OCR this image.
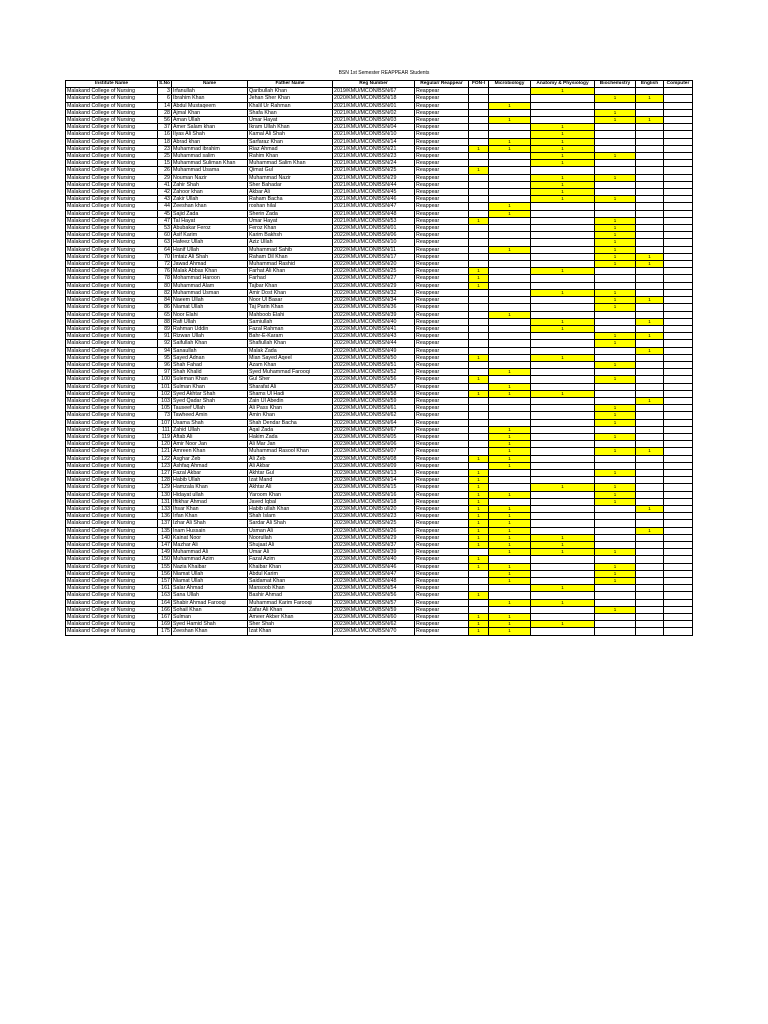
BSN 1st Semester REAPPEAR Students
Institute Name	S.No	Name	Father Name	Reg Number	Regular/ Reappear	FON-I	Microbiology	Anatomy & Physiology	Biochemistry	English	Computer
Malakand College of Nursing	3	Irfanullah	Qaribullah Khan	2019/KMU/MCON/BSN/67	Reappear			1			
Malakand College of Nursing	6	Ibrahim Khan	Jehan Sher Khan	2020/KMU/MCON/BSN/18	Reappear				1	1	
Malakand College of Nursing	14	Abdul Mustaqeem	Khalil Ur Rahman	2021/KMU/MCON/BSN/01	Reappear		1				
Malakand College of Nursing	28	Ajmal Khan	Shafa Khan	2021/KMU/MCON/BSN/02	Reappear				1		
Malakand College of Nursing	56	Aman Ullah	Umar Hayat	2021/KMU/MCON/BSN/03	Reappear		1		1	1	
Malakand College of Nursing	37	Amer Salam khan	Ikram Ullah Khan	2021/KMU/MCON/BSN/04	Reappear			1			
Malakand College of Nursing	16	Ilyas Ali Shah	Kamal Ali Shah	2021/KMU/MCON/BSN/10	Reappear			1			
Malakand College of Nursing	18	Abrad khan	Sarfaraz Khan	2021/KMU/MCON/BSN/14	Reappear		1	1			
Malakand College of Nursing	23	Muhammad ibrahim	Riaz Ahmad	2021/KMU/MCON/BSN/21	Reappear	1	1	1			
Malakand College of Nursing	25	Muhammad salim	Rahim Khan	2021/KMU/MCON/BSN/23	Reappear			1	1		
Malakand College of Nursing	15	Muhammad Suliman Khan	Muhammad Salim Khan	2021/KMU/MCON/BSN/24	Reappear			1			
Malakand College of Nursing	26	Muhammad Usama	Qimat Gul	2021/KMU/MCON/BSN/25	Reappear	1					
Malakand College of Nursing	29	Nouman Nazir	Muhammad Nazir	2021/KMU/MCON/BSN/29	Reappear			1	1		
Malakand College of Nursing	41	Zahir Shah	Sher Bahadar	2021/KMU/MCON/BSN/44	Reappear			1			
Malakand College of Nursing	42	Zahoor khan	Akbar Ali	2021/KMU/MCON/BSN/45	Reappear			1			
Malakand College of Nursing	43	Zakir Ullah	Raham Bacha	2021/KMU/MCON/BSN/46	Reappear			1	1		
Malakand College of Nursing	44	Zeeshan khan	roshan hilal	2021/KMU/MCON/BSN/47	Reappear		1				
Malakand College of Nursing	45	Sajid Zada	Sherin Zada	2021/KMU/MCON/BSN/48	Reappear		1				
Malakand College of Nursing	47	Tal Hayat	Umar Hayat	2021/KMU/MCON/BSN/53	Reappear	1			1		
Malakand College of Nursing	53	Abubakar Feroz	Feroz Khan	2022/KMU/MCON/BSN/01	Reappear				1		
Malakand College of Nursing	60	Asif Karim	Karim Bakhsh	2022/KMU/MCON/BSN/06	Reappear				1		
Malakand College of Nursing	63	Hafeez Ullah	Aziz Ullah	2022/KMU/MCON/BSN/10	Reappear				1		
Malakand College of Nursing	64	Hanif Ullah	Muhammad Sahib	2022/KMU/MCON/BSN/11	Reappear		1		1		
Malakand College of Nursing	70	Imtaiz Ali Shah	Raham Dil Khan	2022/KMU/MCON/BSN/17	Reappear				1	1	
Malakand College of Nursing	72	Jawad Ahmad	Muhammad Rashid	2022/KMU/MCON/BSN/20	Reappear				1	1	
Malakand College of Nursing	76	Malak Abbas Khan	Farhat Ali Khan	2022/KMU/MCON/BSN/25	Reappear	1		1			
Malakand College of Nursing	78	Mohammad Haroon	Farhad	2022/KMU/MCON/BSN/27	Reappear	1					
Malakand College of Nursing	80	Muhammad Alam	Tajbar Khan	2022/KMU/MCON/BSN/29	Reappear	1					
Malakand College of Nursing	82	Muhammad Usman	Amir Dost Khan	2022/KMU/MCON/BSN/32	Reappear			1	1		
Malakand College of Nursing	84	Naeem Ullah	Noor Ul Basar	2022/KMU/MCON/BSN/34	Reappear				1	1	
Malakand College of Nursing	86	Niamat Ullah	Taj Parin Khan	2022/KMU/MCON/BSN/36	Reappear				1		
Malakand College of Nursing	65	Noor Elahi	Mahboob Elahi	2022/KMU/MCON/BSN/39	Reappear		1				
Malakand College of Nursing	88	Rafi Ullah	Samiullah	2022/KMU/MCON/BSN/40	Reappear			1		1	
Malakand College of Nursing	89	Rahman Uddin	Fazal Rahman	2022/KMU/MCON/BSN/41	Reappear			1			
Malakand College of Nursing	91	Rizwan Ullah	Bahr-E-Karam	2022/KMU/MCON/BSN/43	Reappear				1	1	
Malakand College of Nursing	92	Saifullah Khan	Shafiullah Khan	2022/KMU/MCON/BSN/44	Reappear				1		
Malakand College of Nursing	94	Sanaullah	Malak Zada	2022/KMU/MCON/BSN/49	Reappear					1	
Malakand College of Nursing	95	Sayed Adnan	Mian Sayed Aqeel	2022/KMU/MCON/BSN/50	Reappear	1		1			
Malakand College of Nursing	96	Shah Fahad	Azam Khan	2022/KMU/MCON/BSN/51	Reappear				1		
Malakand College of Nursing	97	Shah Khalid	Syed Muhammad Farooqi	2022/KMU/MCON/BSN/52	Reappear		1				
Malakand College of Nursing	100	Suleman Khan	Gul Sher	2022/KMU/MCON/BSN/56	Reappear	1			1		
Malakand College of Nursing	101	Sulman Khan	Sharafat Ali	2022/KMU/MCON/BSN/57	Reappear		1				
Malakand College of Nursing	102	Syed Akhtar Shah	Shams Ul Hadi	2022/KMU/MCON/BSN/58	Reappear	1	1	1			
Malakand College of Nursing	103	Syed Qadar Shah	Zain Ul Abedin	2022/KMU/MCON/BSN/59	Reappear					1	
Malakand College of Nursing	105	Tauseef Ullah	Ali Pass Khan	2022/KMU/MCON/BSN/61	Reappear				1		
Malakand College of Nursing	73	Tawheed Amin	Amin Khan	2022/KMU/MCON/BSN/62	Reappear				1		
Malakand College of Nursing	107	Usama Shah	Shah Dendar Bacha	2022/KMU/MCON/BSN/64	Reappear				1		
Malakand College of Nursing	111	Zahid Ullah	Aqal Zada	2022/KMU/MCON/BSN/67	Reappear		1				
Malakand College of Nursing	119	Aftab Ali	Hakim Zada	2023/KMU/MCON/BSN/05	Reappear		1		1		
Malakand College of Nursing	120	Amir Noor Jan	Ali Mar Jan	2023/KMU/MCON/BSN/06	Reappear		1				
Malakand College of Nursing	121	Amreen Khan	Muhammad Rasool Khan	2023/KMU/MCON/BSN/07	Reappear		1		1	1	
Malakand College of Nursing	122	Asghar Zeb	Ali Zeb	2023/KMU/MCON/BSN/08	Reappear	1	1				
Malakand College of Nursing	123	Ashfaq Ahmad	Ali Akbar	2023/KMU/MCON/BSN/09	Reappear		1				
Malakand College of Nursing	127	Fazal Akbar	Akhtar Gul	2023/KMU/MCON/BSN/13	Reappear	1			1		
Malakand College of Nursing	128	Habib Ullah	Izat Mand	2023/KMU/MCON/BSN/14	Reappear	1					
Malakand College of Nursing	129	Hamzala Khan	Akhtar Ali	2023/KMU/MCON/BSN/15	Reappear	1		1	1		
Malakand College of Nursing	130	Hidayat ullah	Yaroom Khan	2023/KMU/MCON/BSN/16	Reappear	1	1		1		
Malakand College of Nursing	131	Iftikhar Ahmad	Javed Iqbal	2023/KMU/MCON/BSN/18	Reappear	1			1		
Malakand College of Nursing	133	Ihsar Khan	Habib ullah Khan	2023/KMU/MCON/BSN/20	Reappear	1	1			1	
Malakand College of Nursing	136	Irfan Khan	Shah Islam	2023/KMU/MCON/BSN/23	Reappear	1	1				
Malakand College of Nursing	137	Izhar Ali Shah	Sardar Ali Shah	2023/KMU/MCON/BSN/25	Reappear	1	1				
Malakand College of Nursing	135	Inam Hussain	Usman Ali	2023/KMU/MCON/BSN/26	Reappear	1	1			1	
Malakand College of Nursing	140	Kainat Noor	Noorullah	2023/KMU/MCON/BSN/29	Reappear	1	1	1			
Malakand College of Nursing	147	Mazhar Ali	Shujaat Ali	2023/KMU/MCON/BSN/37	Reappear	1	1	1			
Malakand College of Nursing	149	Muhammad Ali	Umar Ali	2023/KMU/MCON/BSN/39	Reappear		1	1	1		
Malakand College of Nursing	150	Muhammad Azim	Fazal Azim	2023/KMU/MCON/BSN/40	Reappear	1					
Malakand College of Nursing	155	Nazia Khaibar	Khaibar Khan	2023/KMU/MCON/BSN/46	Reappear	1	1		1		
Malakand College of Nursing	156	Niamat Ullah	Abdul Karim	2023/KMU/MCON/BSN/47	Reappear		1		1		
Malakand College of Nursing	157	Niamat Ullah	Saidamat Khan	2023/KMU/MCON/BSN/48	Reappear		1		1		
Malakand College of Nursing	161	Salar Ahmad	Mansoob Khan	2023/KMU/MCON/BSN/54	Reappear			1			
Malakand College of Nursing	163	Sana Ullah	Bashir Ahmad	2023/KMU/MCON/BSN/56	Reappear	1					
Malakand College of Nursing	164	Shabir Ahmad Farooqi	Muhammad Karim Farooqi	2023/KMU/MCON/BSN/57	Reappear		1	1			
Malakand College of Nursing	166	Sohail Khan	Zafar Ali Khan	2023/KMU/MCON/BSN/59	Reappear				1		
Malakand College of Nursing	167	Sulman	Ameer Akber Khan	2023/KMU/MCON/BSN/60	Reappear	1	1				
Malakand College of Nursing	169	Syed Hamid Shah	Sher Shah	2023/KMU/MCON/BSN/62	Reappear	1	1	1			
Malakand College of Nursing	175	Zeeshan Khan	Izat Khan	2023/KMU/MCON/BSN/70	Reappear	1	1				
